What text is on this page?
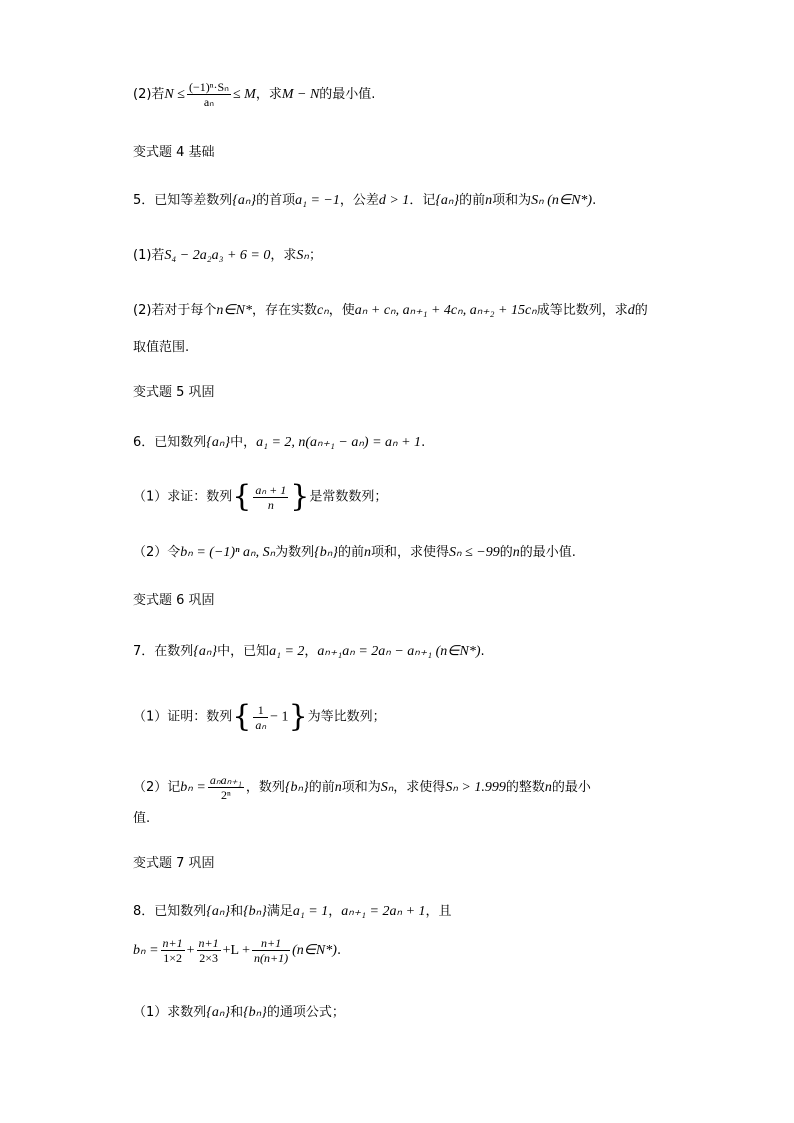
(2)若$N \le \frac{\text{(−1)ⁿ·Sₙ}}{\text{aₙ}} \le M$，求M − N的最小值.
变式题 4 基础
5．已知等差数列{aₙ}的首项a₁ = −1，公差d > 1．记{aₙ}的前n项和为Sₙ (n∈N*).
(1)若S₄ − 2a₂a₃ + 6 = 0，求Sₙ；
(2)若对于每个n∈N*，存在实数cₙ，使aₙ + cₙ, aₙ₊₁ + 4cₙ, aₙ₊₂ + 15cₙ成等比数列，求d的
取值范围.
变式题 5 巩固
6．已知数列{aₙ}中，a₁ = 2, n(aₙ₊₁ − aₙ) = aₙ + 1.
（1）求证：数列{ $\frac{\text{aₙ + 1}}{n}$ }是常数数列；
（2）令bₙ = (−1)ⁿ aₙ, Sₙ为数列{bₙ}的前n项和，求使得Sₙ ≤ −99的n的最小值.
变式题 6 巩固
7．在数列{aₙ}中，已知a₁ = 2，aₙ₊₁aₙ = 2aₙ − aₙ₊₁ (n∈N*).
（1）证明：数列{ $\frac{1}{\text{aₙ}} - 1$}为等比数列；
（2）记$b_n = \frac{\text{aₙaₙ₊₁}}{\text{2ⁿ}}$ ，数列{bₙ}的前n项和为Sₙ，求使得Sₙ > 1.999的整数n的最小
值.
变式题 7 巩固
8．已知数列{aₙ}和{bₙ}满足a₁ = 1，aₙ₊₁ = 2aₙ + 1，且
$b_n = \frac{n+1}{1\times 2} + \frac{n+1}{2\times 3} +L + \frac{n+1}{n(n+1)}$ (n∈N*).
（1）求数列{aₙ}和{bₙ}的通项公式；
